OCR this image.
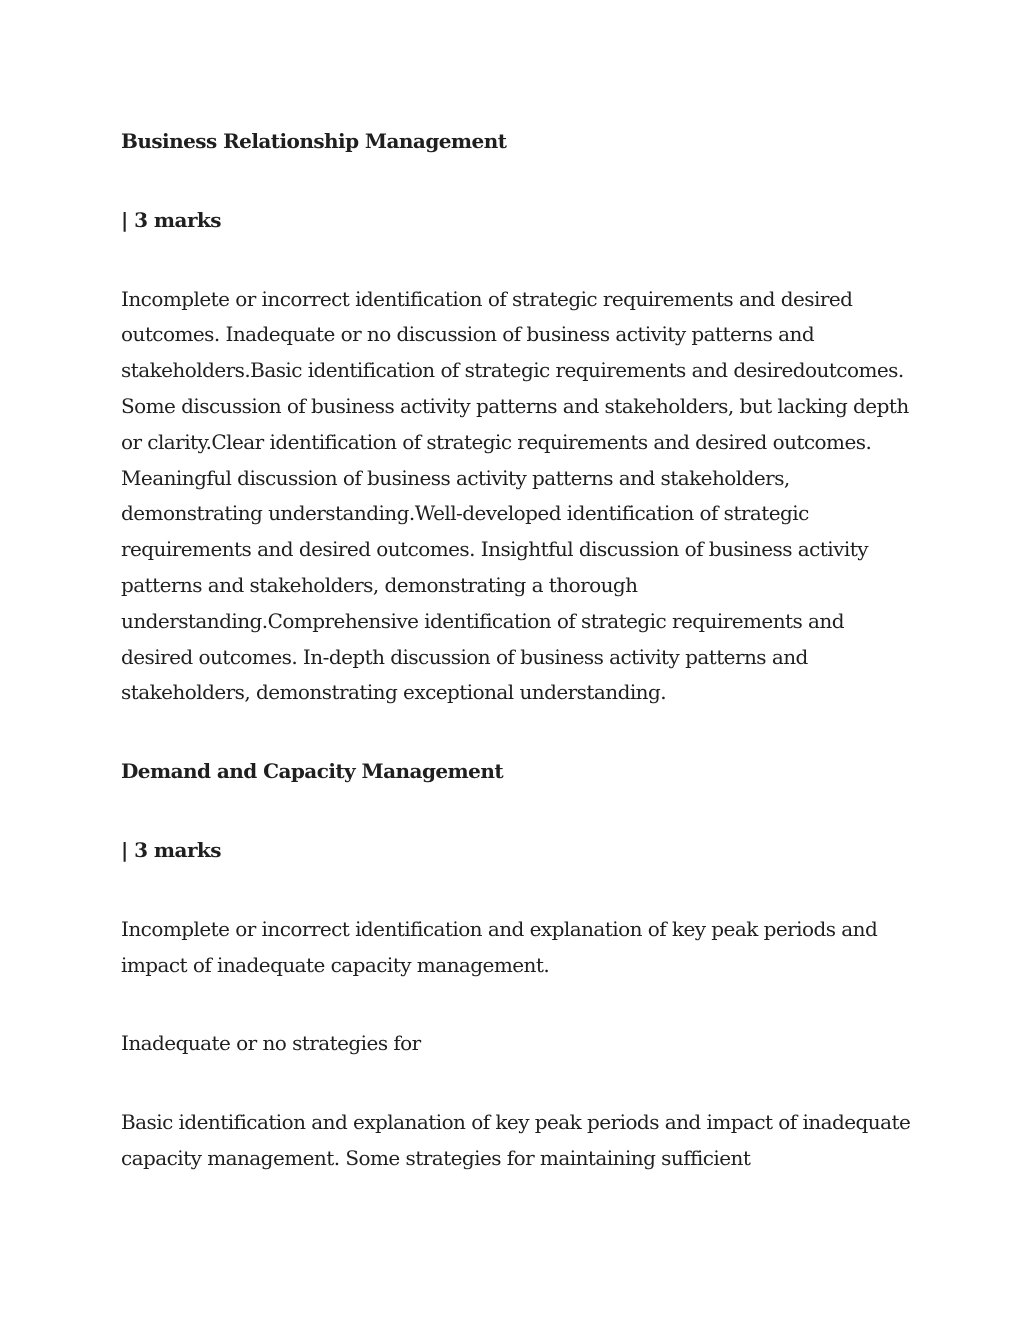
Business Relationship Management

| 3 marks

Incomplete or incorrect identification of strategic requirements and desired outcomes. Inadequate or no discussion of business activity patterns and stakeholders.Basic identification of strategic requirements and desiredoutcomes. Some discussion of business activity patterns and stakeholders, but lacking depth or clarity.Clear identification of strategic requirements and desired outcomes. Meaningful discussion of business activity patterns and stakeholders, demonstrating understanding.Well-developed identification of strategic requirements and desired outcomes. Insightful discussion of business activity patterns and stakeholders, demonstrating a thorough understanding.Comprehensive identification of strategic requirements and desired outcomes. In-depth discussion of business activity patterns and stakeholders, demonstrating exceptional understanding.

Demand and Capacity Management

| 3 marks

Incomplete or incorrect identification and explanation of key peak periods and impact of inadequate capacity management.

Inadequate or no strategies for

Basic identification and explanation of key peak periods and impact of inadequate capacity management. Some strategies for maintaining sufficient
